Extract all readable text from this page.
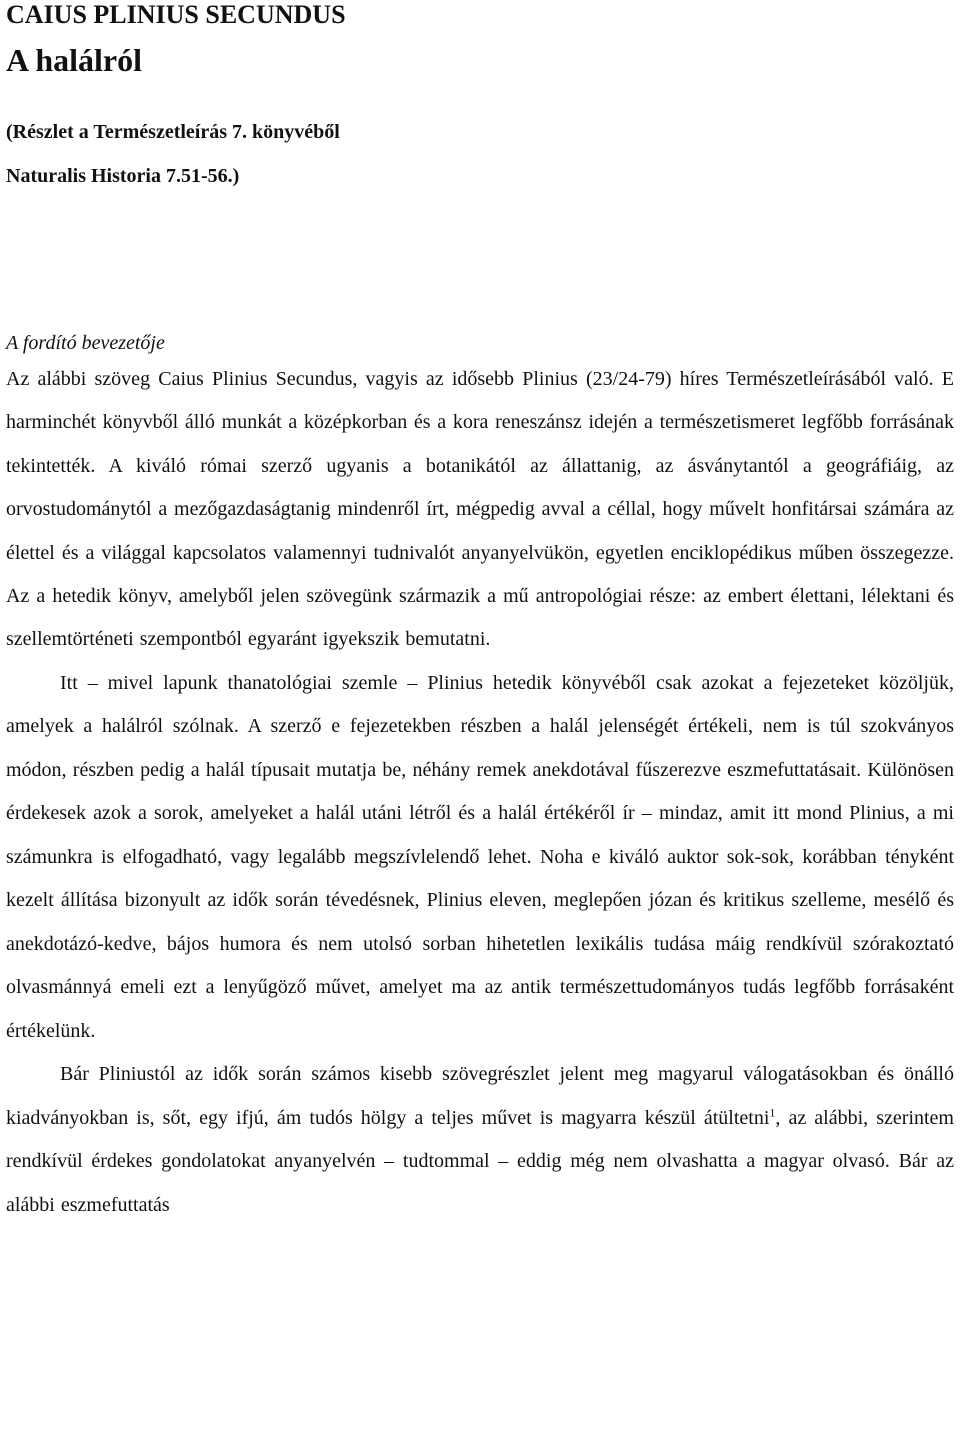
CAIUS PLINIUS SECUNDUS
A halálról
(Részlet a Természetleírás 7. könyvéből
Naturalis Historia 7.51-56.)
A fordító bevezetője

Az alábbi szöveg Caius Plinius Secundus, vagyis az idősebb Plinius (23/24-79) híres Természetleírásából való. E harminchét könyvből álló munkát a középkorban és a kora reneszánsz idején a természetismeret legfőbb forrásának tekintették. A kiváló római szerző ugyanis a botanikától az állattanig, az ásványtantól a geográfiáig, az orvostudománytól a mezőgazdaságtanig mindenről írt, mégpedig avval a céllal, hogy művelt honfitársai számára az élettel és a világgal kapcsolatos valamennyi tudnivalót anyanyelvükön, egyetlen enciklopédikus műben összegezze. Az a hetedik könyv, amelyből jelen szövegünk származik a mű antropológiai része: az embert élettani, lélektani és szellemtörténeti szempontból egyaránt igyekszik bemutatni.

Itt – mivel lapunk thanatológiai szemle – Plinius hetedik könyvéből csak azokat a fejezeteket közöljük, amelyek a halálról szólnak. A szerző e fejezetekben részben a halál jelenségét értékeli, nem is túl szokványos módon, részben pedig a halál típusait mutatja be, néhány remek anekdotával fűszerezve eszmefuttatásait. Különösen érdekesek azok a sorok, amelyeket a halál utáni létről és a halál értékéről ír – mindaz, amit itt mond Plinius, a mi számunkra is elfogadható, vagy legalább megszívlelendő lehet. Noha e kiváló auktor sok-sok, korábban tényként kezelt állítása bizonyult az idők során tévedésnek, Plinius eleven, meglepően józan és kritikus szelleme, mesélő és anekdotázó-kedve, bájos humora és nem utolsó sorban hihetetlen lexikális tudása máig rendkívül szórakoztató olvasmánnyá emeli ezt a lenyűgöző művet, amelyet ma az antik természettudományos tudás legfőbb forrásaként értékelünk.

Bár Pliniustól az idők során számos kisebb szövegrészlet jelent meg magyarul válogatásokban és önálló kiadványokban is, sőt, egy ifjú, ám tudós hölgy a teljes művet is magyarra készül átültetni$^1$, az alábbi, szerintem rendkívül érdekes gondolatokat anyanyelvén – tudtommal – eddig még nem olvashatta a magyar olvasó. Bár az alábbi eszmefuttatás
